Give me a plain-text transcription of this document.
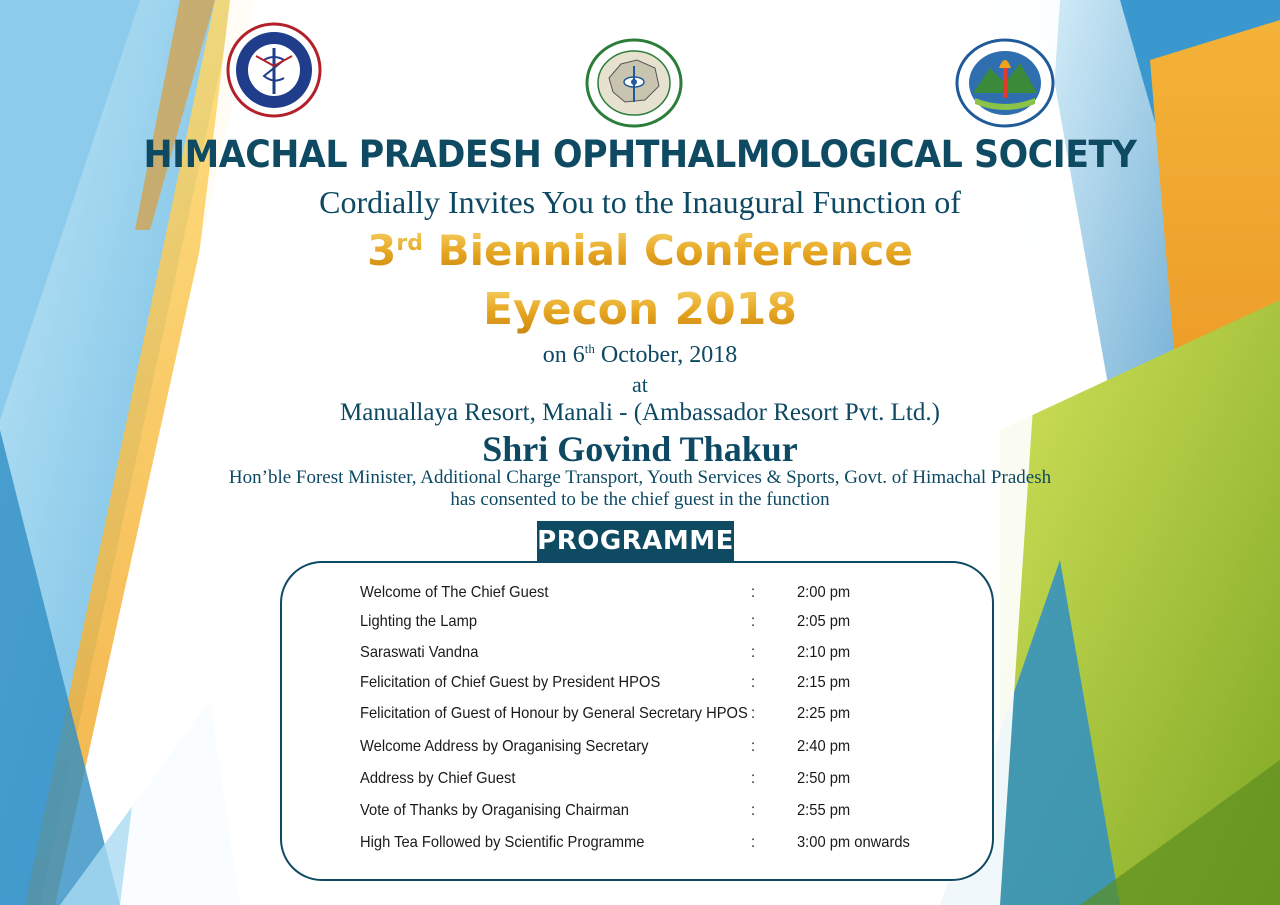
HIMACHAL PRADESH OPHTHALMOLOGICAL SOCIETY
Cordially Invites You to the Inaugural Function of
3rd Biennial Conference
Eyecon 2018
on 6th October, 2018
at
Manuallaya Resort, Manali - (Ambassador Resort Pvt. Ltd.)
Shri Govind Thakur
Hon’ble Forest Minister, Additional Charge Transport, Youth Services & Sports, Govt. of Himachal Pradesh
has consented to be the chief guest in the function
PROGRAMME
Welcome of The Chief Guest	:	2:00 pm
Lighting the Lamp	:	2:05 pm
Saraswati Vandna	:	2:10 pm
Felicitation of Chief Guest by President HPOS	:	2:15 pm
Felicitation of Guest of Honour by General Secretary HPOS :	2:25 pm
Welcome Address by Oraganising Secretary	:	2:40 pm
Address by Chief Guest	:	2:50 pm
Vote of Thanks by Oraganising Chairman	:	2:55 pm
High Tea Followed by Scientific Programme	:	3:00 pm onwards
